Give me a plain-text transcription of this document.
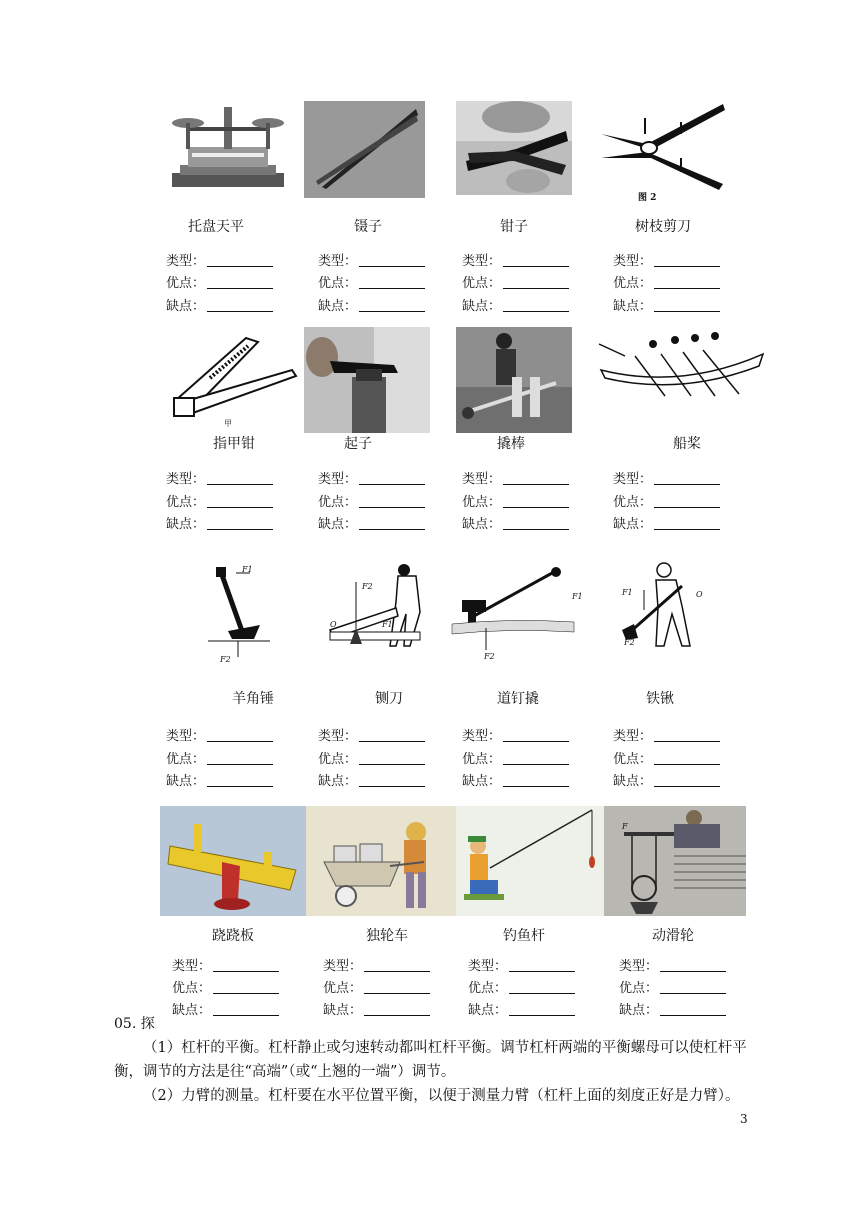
图 2
甲
F1
F2
F2
O	F1
F1
F2
F1	O
F2
F
托盘天平	镊子	钳子	树枝剪刀
指甲钳	起子	撬棒	船桨
羊角锤	铡刀	道钉撬	铁锹
跷跷板	独轮车	钓鱼杆	动滑轮
类型：
优点：
缺点：
类型：
优点：
缺点：
类型：
优点：
缺点：
类型：
优点：
缺点：
类型：
优点：
缺点：
类型：
优点：
缺点：
类型：
优点：
缺点：
类型：
优点：
缺点：
类型：
优点：
缺点：
类型：
优点：
缺点：
类型：
优点：
缺点：
类型：
优点：
缺点：
类型：
优点：
缺点：
类型：
优点：
缺点：
类型：
优点：
缺点：
类型：
优点：
缺点：
05. 探
（1）杠杆的平衡。杠杆静止或匀速转动都叫杠杆平衡。调节杠杆两端的平衡螺母可以使杠杆平衡，调节的方法是往“高端”（或“上翘的一端”）调节。
（2）力臂的测量。杠杆要在水平位置平衡，以便于测量力臂（杠杆上面的刻度正好是力臂）。
3
